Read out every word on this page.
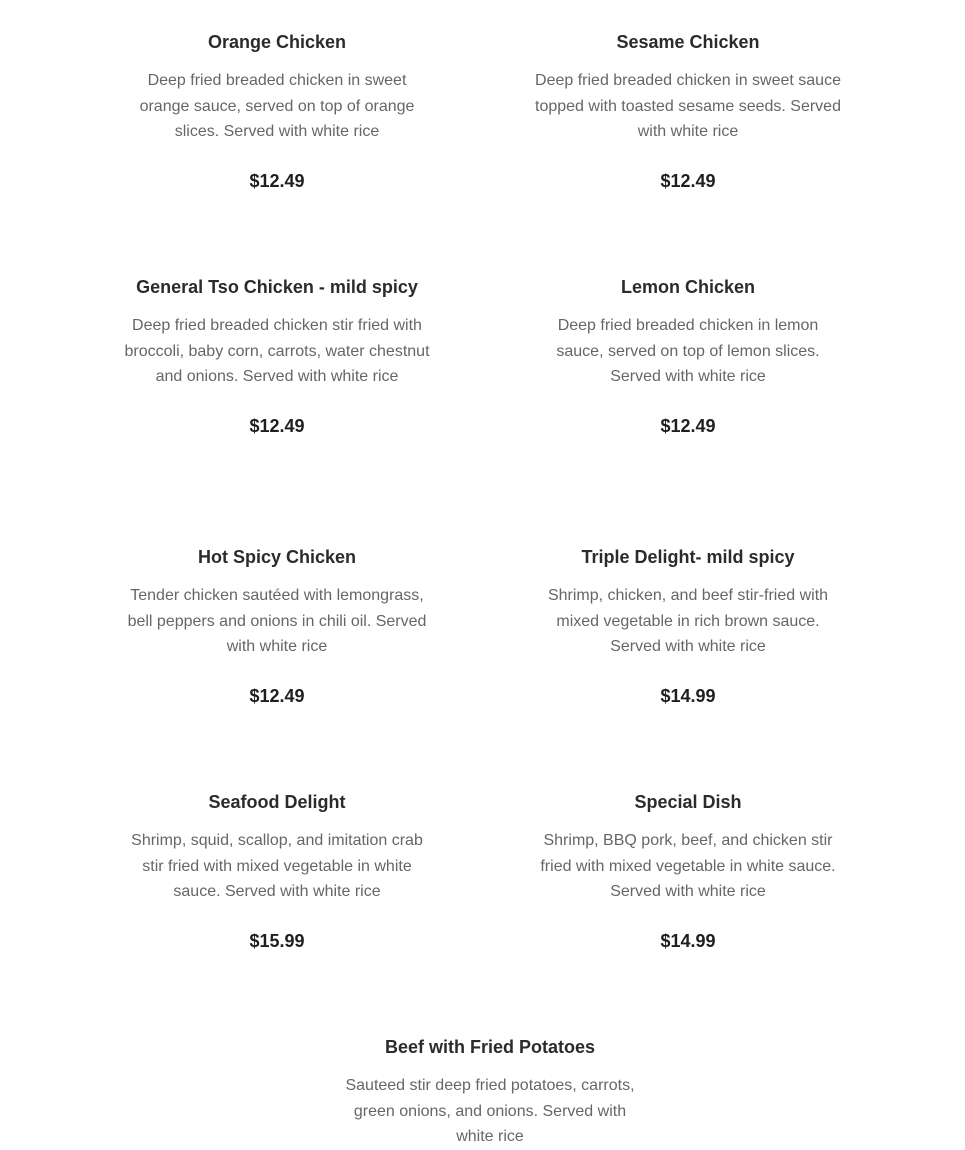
Orange Chicken

Deep fried breaded chicken in sweet orange sauce, served on top of orange slices. Served with white rice

$12.49

Sesame Chicken

Deep fried breaded chicken in sweet sauce topped with toasted sesame seeds. Served with white rice

$12.49

General Tso Chicken - mild spicy

Deep fried breaded chicken stir fried with broccoli, baby corn, carrots, water chestnut and onions. Served with white rice

$12.49

Lemon Chicken

Deep fried breaded chicken in lemon sauce, served on top of lemon slices. Served with white rice

$12.49

Hot Spicy Chicken

Tender chicken sautéed with lemongrass, bell peppers and onions in chili oil. Served with white rice

$12.49

Triple Delight- mild spicy

Shrimp, chicken, and beef stir-fried with mixed vegetable in rich brown sauce. Served with white rice

$14.99

Seafood Delight

Shrimp, squid, scallop, and imitation crab stir fried with mixed vegetable in white sauce. Served with white rice

$15.99

Special Dish

Shrimp, BBQ pork, beef, and chicken stir fried with mixed vegetable in white sauce. Served with white rice

$14.99

Beef with Fried Potatoes

Sauteed stir deep fried potatoes, carrots, green onions, and onions. Served with white rice
